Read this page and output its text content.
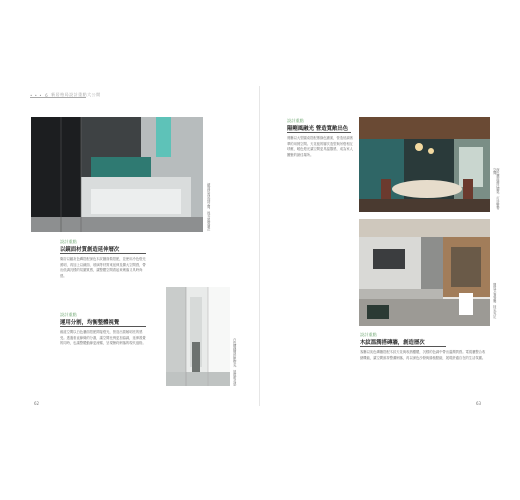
• • • 6 新居格局設計重點大公開
鏡面材質延伸空間，提升視覺層次
設計重點
以鏡面材質創造延伸層次
衛浴以鐵灰色磚搭配深色木紋牆面做搭配，並使用冷色燈光照明，再加上以鏡面、玻璃等材質來延伸及擴大空間感，帶出低調沉穩的氛圍質感，讓整體空間看起來俐落又具時尚感。
白色樓梯間搭配燈光，展現明亮感
設計重點
運用分割，均衡整體視覺
廊道空間以白色牆面搭配間接燈光，營造出寬敞明亮的感受。透過垂直線條的分割，讓空間比例更加協調，延伸視覺的同時，也讓整體動線更流暢，呈現簡約俐落的現代風格。
62
設計重點
陽剛風融光 營造寬敞出色
餐廳以大型圓桌搭配墨綠色牆面，營造低調奢華的用餐空間。天花板的層次造型與吊燈相互呼應，暖色燈光讓空間更具溫馨感，成為家人團聚的最佳場所。
深色牆面襯托圓桌，打造聚餐空間
開放式客餐廳，採光充足
設計重點
木紋溫潤搭磚牆，創造層次
客廳以灰色磚牆搭配木紋天花與收納櫃體，沉穩的色調中帶出溫潤質感。電視牆整合收納機能，讓空間維持整潔俐落，再以深色沙發與綠植點綴，展現舒適自在的生活氛圍。
63
